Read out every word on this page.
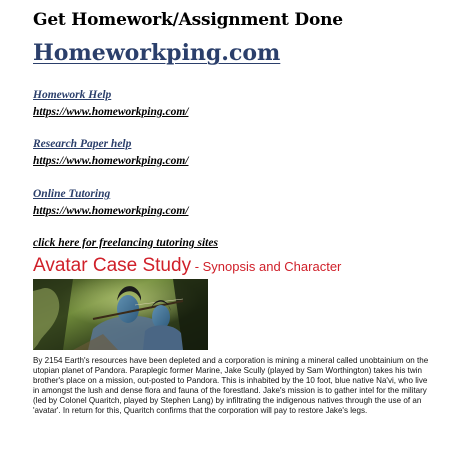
Get Homework/Assignment Done
Homeworkping.com
Homework Help
https://www.homeworkping.com/
Research Paper help
https://www.homeworkping.com/
Online Tutoring
https://www.homeworkping.com/
click here for freelancing tutoring sites
Avatar Case Study - Synopsis and Character
By 2154 Earth's resources have been depleted and a corporation is mining a mineral called unobtainium on the utopian planet of Pandora. Paraplegic former Marine, Jake Scully (played by Sam Worthington) takes his twin brother's place on a mission, out-posted to Pandora. This is inhabited by the 10 foot, blue native Na'vi, who live in amongst the lush and dense flora and fauna of the forestland. Jake's mission is to gather intel for the military (led by Colonel Quaritch, played by Stephen Lang) by infiltrating the indigenous natives through the use of an 'avatar'. In return for this, Quaritch confirms that the corporation will pay to restore Jake's legs.
